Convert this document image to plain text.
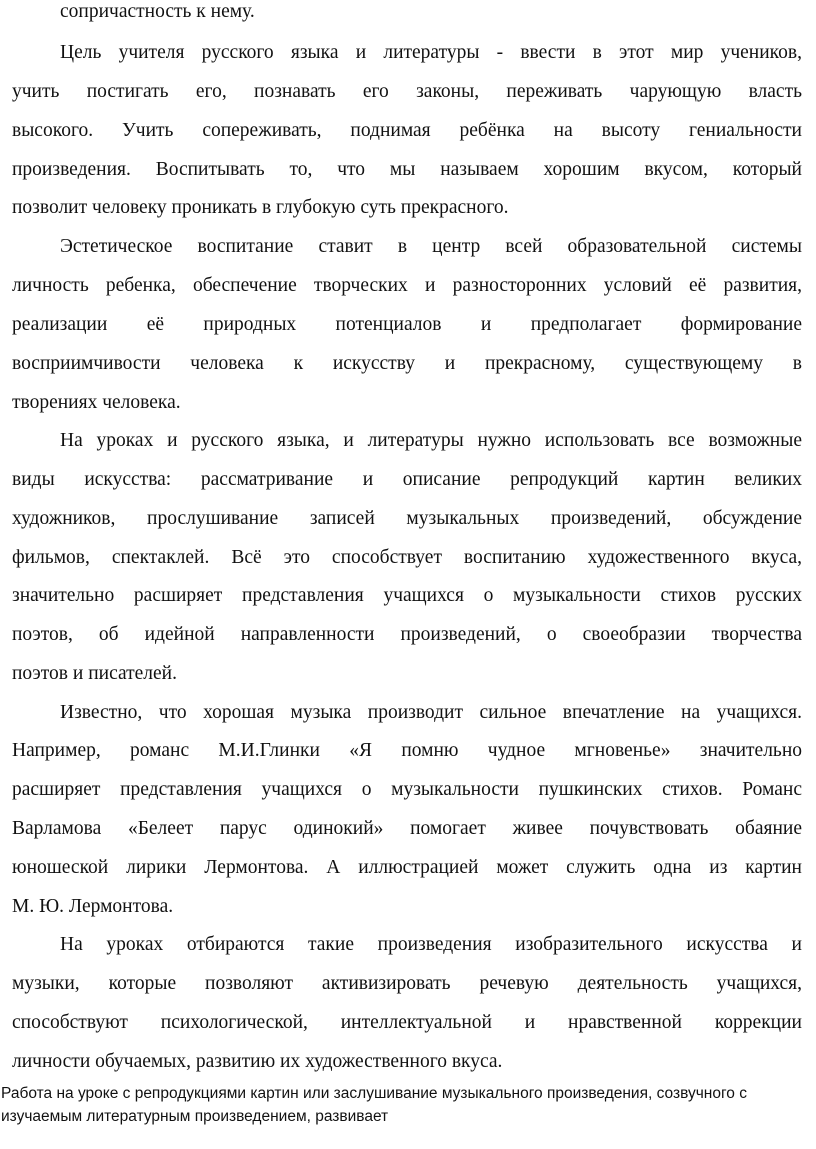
сопричастность к нему.
Цель учителя русского языка и литературы - ввести в этот мир учеников,
учить постигать его, познавать его законы, переживать чарующую власть
высокого. Учить сопереживать, поднимая ребёнка на высоту гениальности
произведения. Воспитывать то, что мы называем хорошим вкусом, который
позволит человеку проникать в глубокую суть прекрасного.
Эстетическое воспитание ставит в центр всей образовательной системы
личность ребенка, обеспечение творческих и разносторонних условий её развития,
реализации её природных потенциалов и предполагает формирование
восприимчивости человека к искусству и прекрасному, существующему в
творениях человека.
На уроках и русского языка, и литературы нужно использовать все возможные
виды искусства: рассматривание и описание репродукций картин великих
художников, прослушивание записей музыкальных произведений, обсуждение
фильмов, спектаклей. Всё это способствует воспитанию художественного вкуса,
значительно расширяет представления учащихся о музыкальности стихов русских
поэтов, об идейной направленности произведений, о своеобразии творчества
поэтов и писателей.
Известно, что хорошая музыка производит сильное впечатление на учащихся.
Например, романс М.И.Глинки «Я помню чудное мгновенье» значительно
расширяет представления учащихся о музыкальности пушкинских стихов. Романс
Варламова «Белеет парус одинокий» помогает живее почувствовать обаяние
юношеской лирики Лермонтова. А иллюстрацией может служить одна из картин
М. Ю. Лермонтова.
На уроках отбираются такие произведения изобразительного искусства и
музыки, которые позволяют активизировать речевую деятельность учащихся,
способствуют психологической, интеллектуальной и нравственной коррекции
личности обучаемых, развитию их художественного вкуса.
Работа на уроке с репродукциями картин или заслушивание музыкального произведения, созвучного с
изучаемым литературным произведением, развивает
